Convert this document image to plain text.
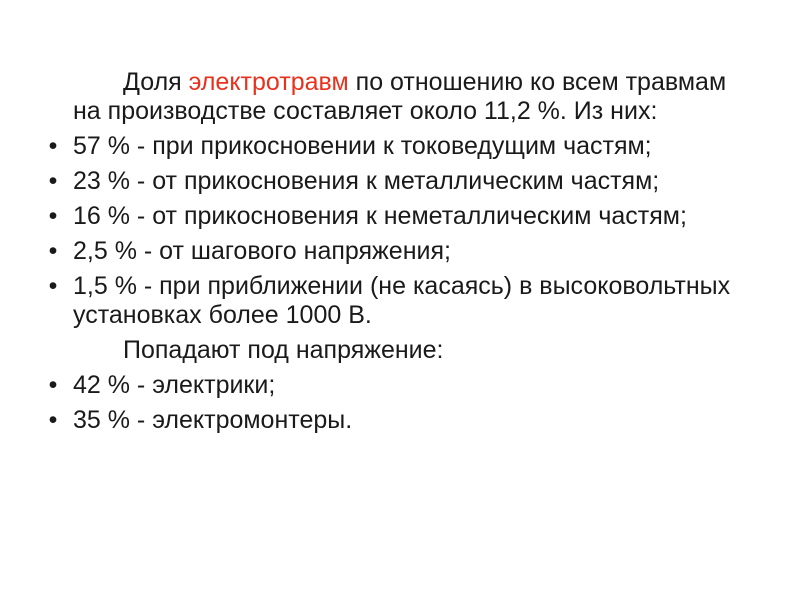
Доля электротравм по отношению ко всем травмам на производстве составляет около 11,2 %. Из них:

• 57 % - при прикосновении к токоведущим частям;
• 23 % - от прикосновения к металлическим частям;
• 16 % - от прикосновения к неметаллическим частям;
• 2,5 % - от шагового напряжения;
• 1,5 % - при приближении (не касаясь) в высоковольтных установках более 1000 В.

Попадают под напряжение:

• 42 % - электрики;
• 35 % - электромонтеры.
